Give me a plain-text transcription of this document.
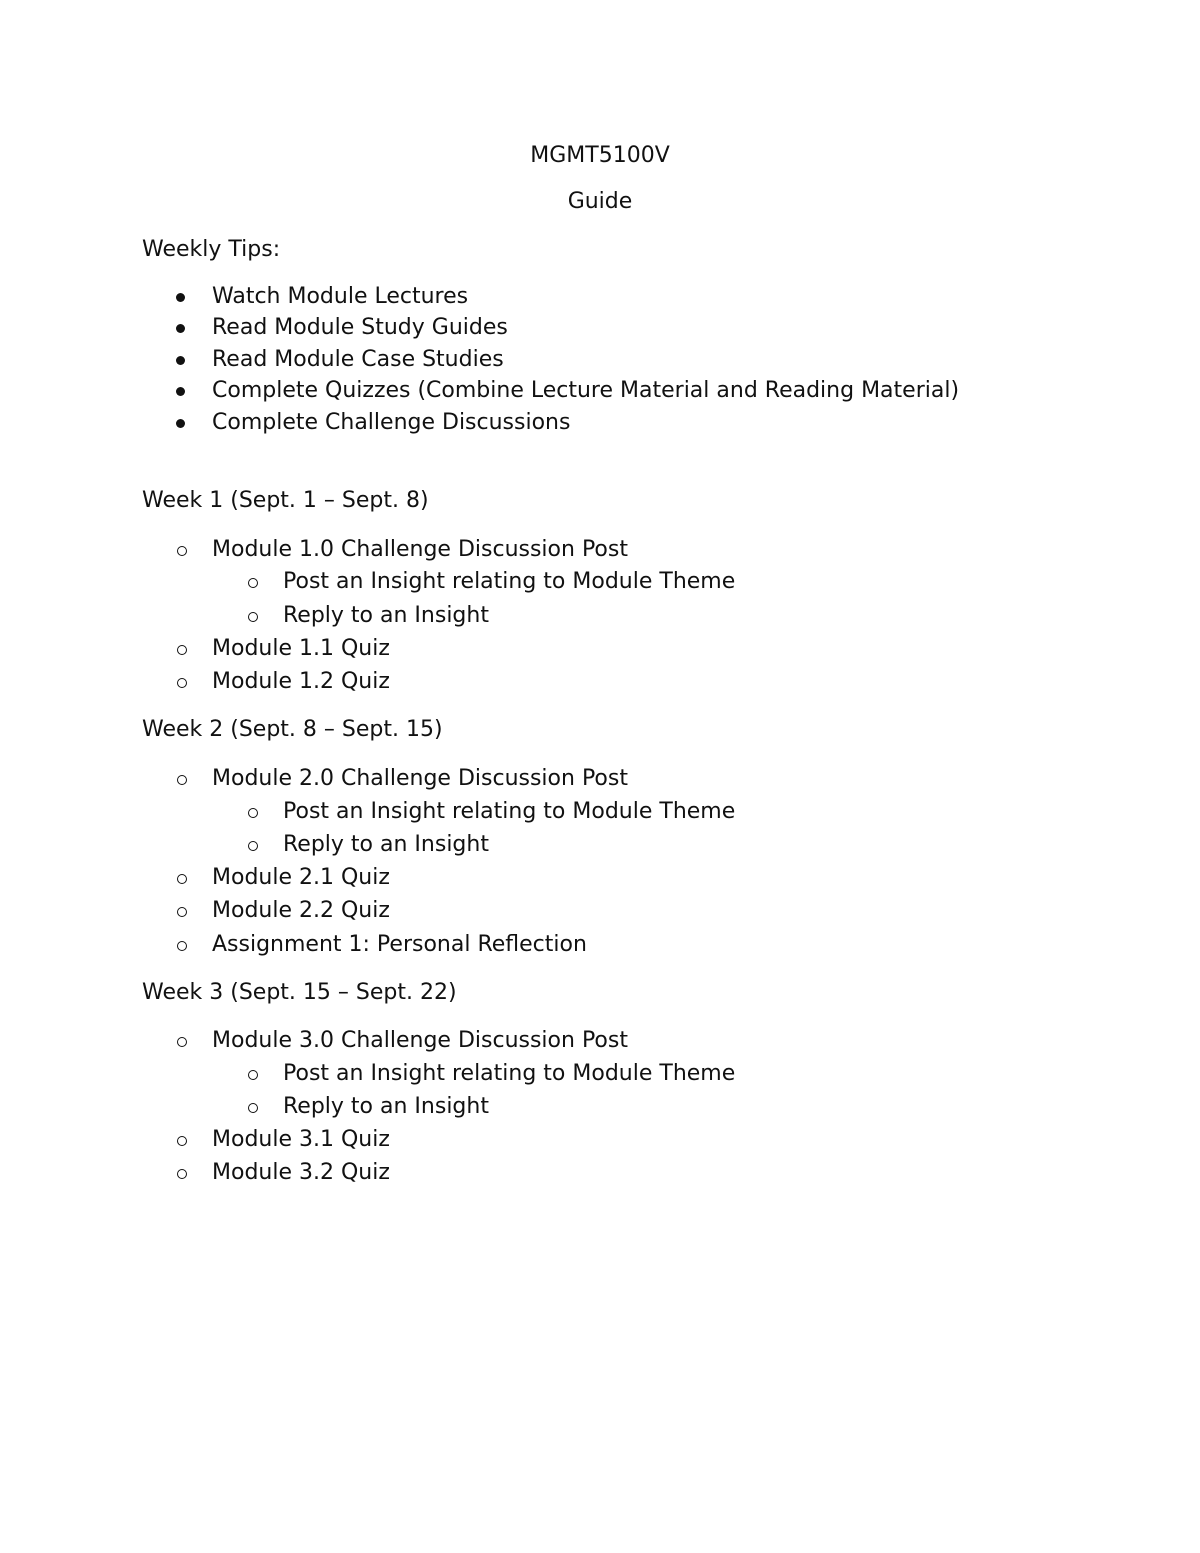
MGMT5100V
Guide
Weekly Tips:
Watch Module Lectures
Read Module Study Guides
Read Module Case Studies
Complete Quizzes (Combine Lecture Material and Reading Material)
Complete Challenge Discussions
Week 1 (Sept. 1 – Sept. 8)
Module 1.0 Challenge Discussion Post
Post an Insight relating to Module Theme
Reply to an Insight
Module 1.1 Quiz
Module 1.2 Quiz
Week 2 (Sept. 8 – Sept. 15)
Module 2.0 Challenge Discussion Post
Post an Insight relating to Module Theme
Reply to an Insight
Module 2.1 Quiz
Module 2.2 Quiz
Assignment 1: Personal Reflection
Week 3 (Sept. 15 – Sept. 22)
Module 3.0 Challenge Discussion Post
Post an Insight relating to Module Theme
Reply to an Insight
Module 3.1 Quiz
Module 3.2 Quiz
